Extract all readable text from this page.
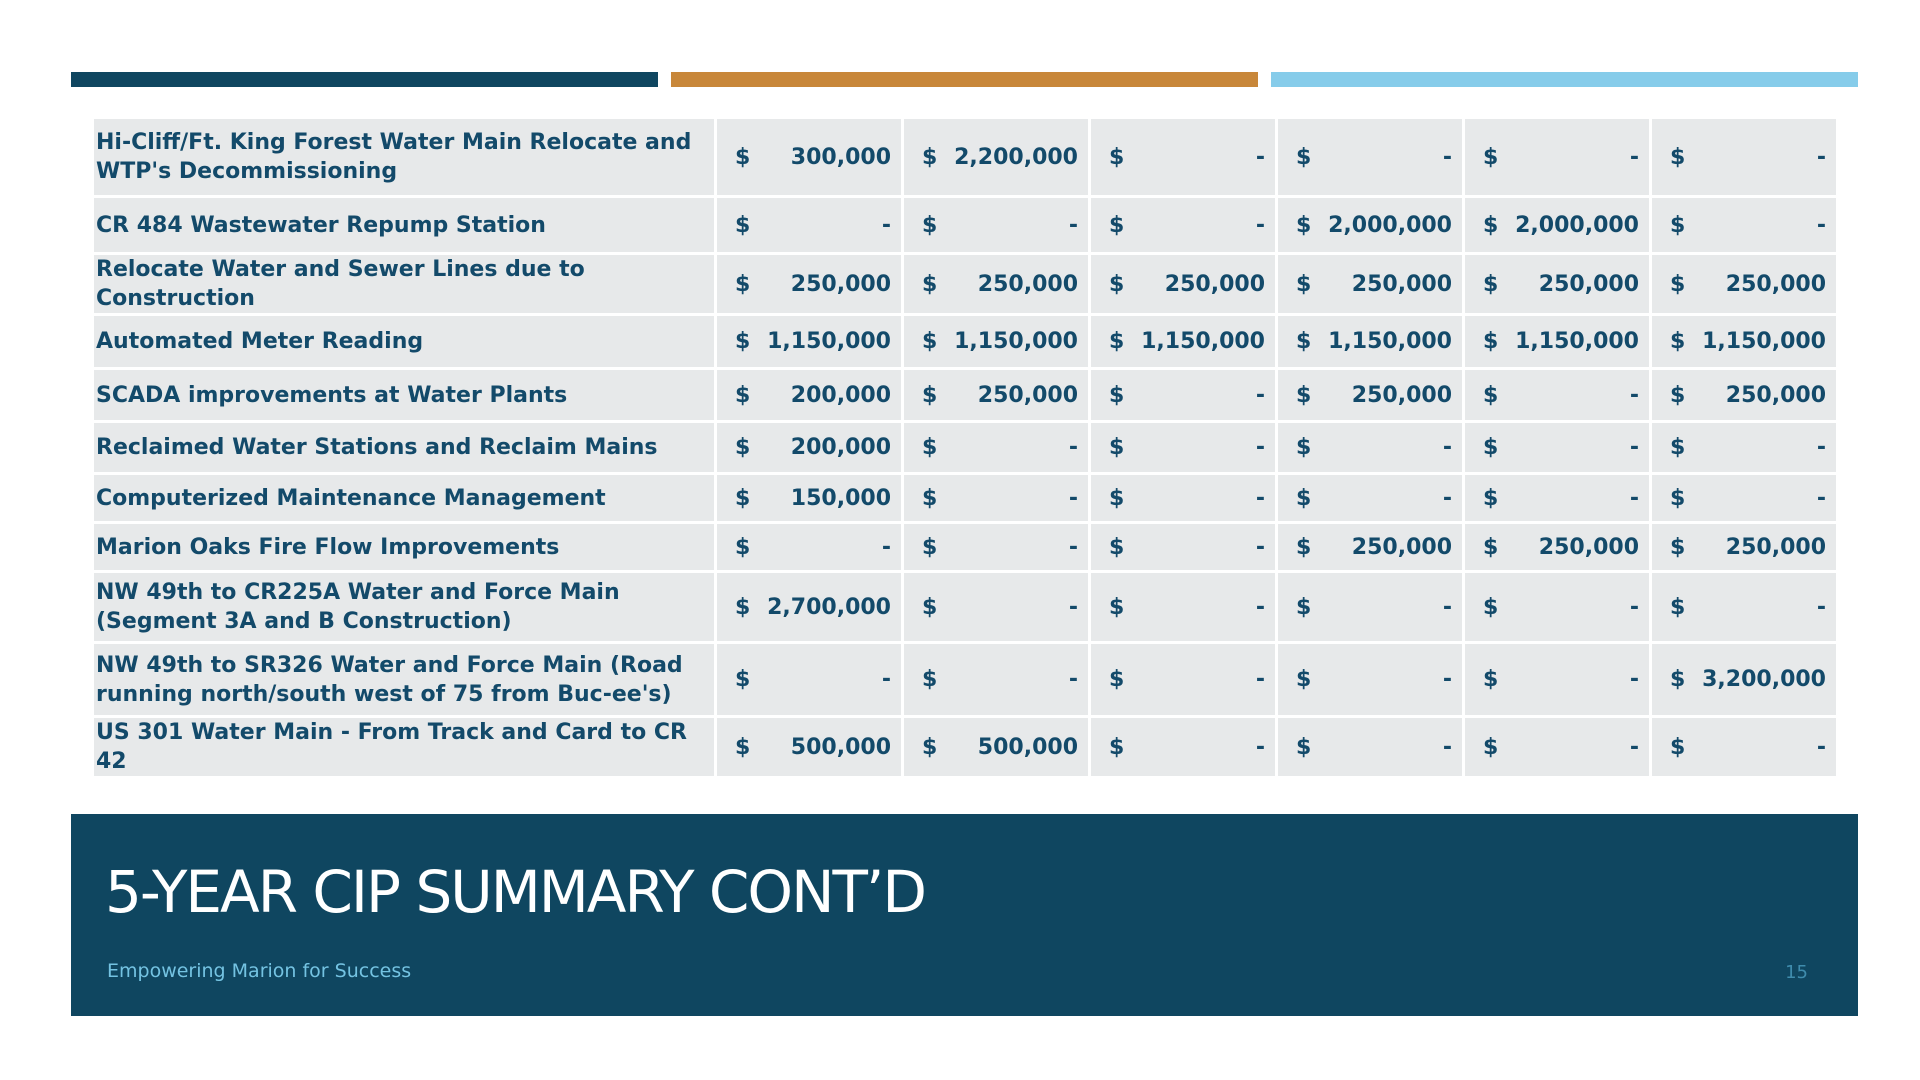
Hi-Cliff/Ft. King Forest Water Main Relocate and WTP's Decommissioning	$ 300,000	$ 2,200,000	$ -	$ -	$ -	$ -

CR 484 Wastewater Repump Station	$ -	$ -	$ -	$ 2,000,000	$ 2,000,000	$ -

Relocate Water and Sewer Lines due to Construction	$ 250,000	$ 250,000	$ 250,000	$ 250,000	$ 250,000	$ 250,000

Automated Meter Reading	$ 1,150,000	$ 1,150,000	$ 1,150,000	$ 1,150,000	$ 1,150,000	$ 1,150,000

SCADA improvements at Water Plants	$ 200,000	$ 250,000	$ -	$ 250,000	$ -	$ 250,000

Reclaimed Water Stations and Reclaim Mains	$ 200,000	$ -	$ -	$ -	$ -	$ -

Computerized Maintenance Management	$ 150,000	$ -	$ -	$ -	$ -	$ -

Marion Oaks Fire Flow Improvements	$ -	$ -	$ -	$ 250,000	$ 250,000	$ 250,000

NW 49th to CR225A Water and Force Main (Segment 3A and B Construction)	$ 2,700,000	$ -	$ -	$ -	$ -	$ -

NW 49th to SR326 Water and Force Main (Road running north/south west of 75 from Buc-ee's)	$ -	$ -	$ -	$ -	$ -	$ 3,200,000

US 301 Water Main - From Track and Card to CR 42	$ 500,000	$ 500,000	$ -	$ -	$ -	$ -
5-YEAR CIP SUMMARY CONT’D
Empowering Marion for Success	15
